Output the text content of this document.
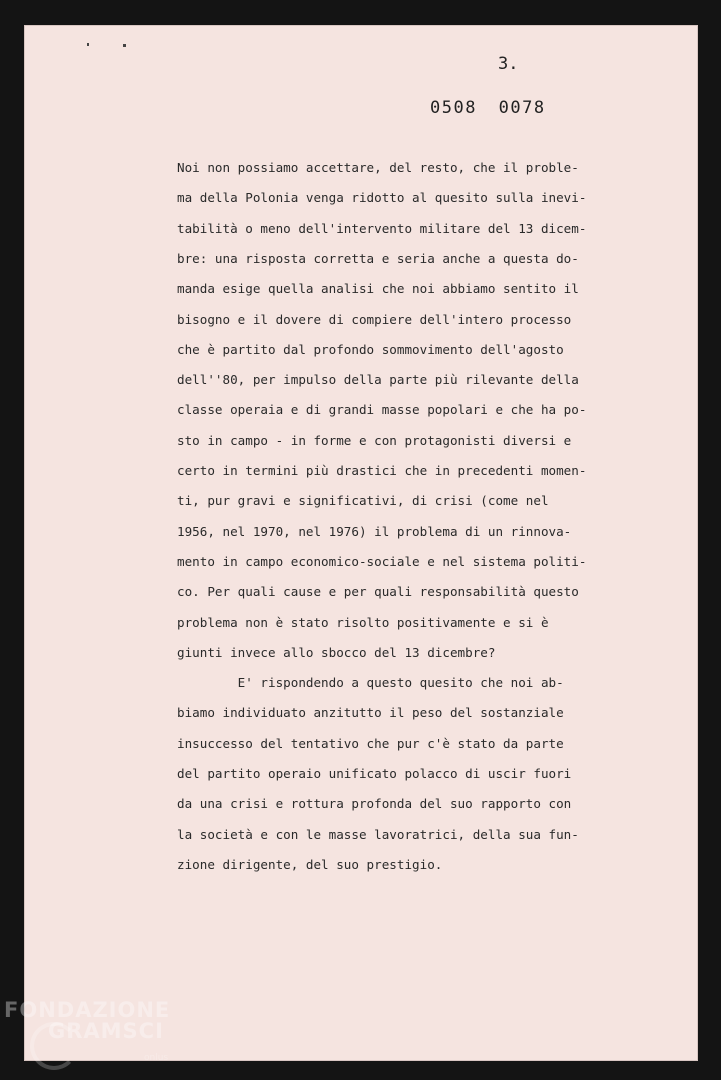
3.
0508 0078
Noi non possiamo accettare, del resto, che il proble-
ma della Polonia venga ridotto al quesito sulla inevi-
tabilità o meno dell'intervento militare del 13 dicem-
bre: una risposta corretta e seria anche a questa do-
manda esige quella analisi che noi abbiamo sentito il
bisogno e il dovere di compiere dell'intero processo
che è partito dal profondo sommovimento dell'agosto
dell''80, per impulso della parte più rilevante della
classe operaia e di grandi masse popolari e che ha po-
sto in campo - in forme e con protagonisti diversi e
certo in termini più drastici che in precedenti momen-
ti, pur gravi e significativi, di crisi (come nel
1956, nel 1970, nel 1976) il problema di un rinnova-
mento in campo economico-sociale e nel sistema politi-
co. Per quali cause e per quali responsabilità questo
problema non è stato risolto positivamente e si è
giunti invece allo sbocco del 13 dicembre?
E' rispondendo a questo quesito che noi ab-
biamo individuato anzitutto il peso del sostanziale
insuccesso del tentativo che pur c'è stato da parte
del partito operaio unificato polacco di uscir fuori
da una crisi e rottura profonda del suo rapporto con
la società e con le masse lavoratrici, della sua fun-
zione dirigente, del suo prestigio.
FONDAZIONE
GRAMSCI
onlus
